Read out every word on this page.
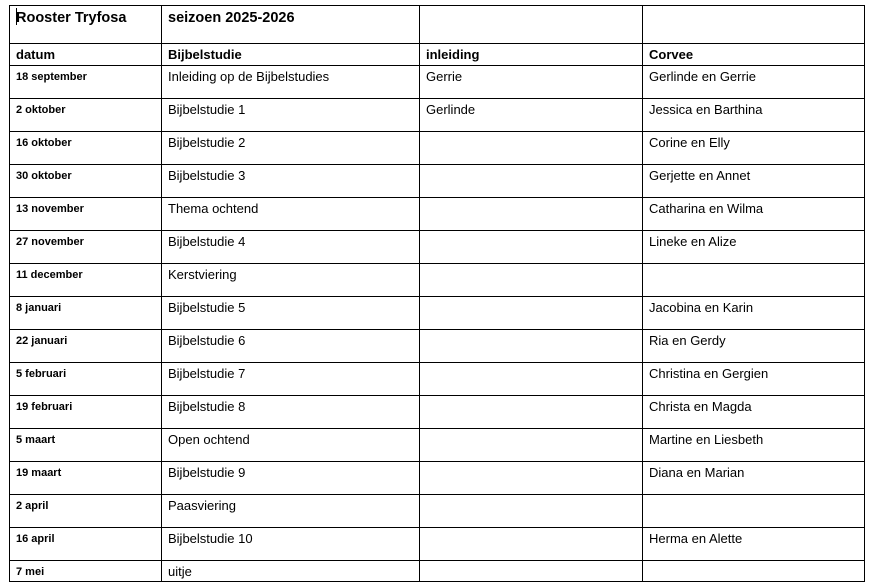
Rooster Tryfosa	seizoen 2025-2026		

datum	Bijbelstudie	inleiding	Corvee

18 september	Inleiding op de Bijbelstudies	Gerrie	Gerlinde en Gerrie

2 oktober	Bijbelstudie 1	Gerlinde	Jessica en Barthina

16 oktober	Bijbelstudie 2		Corine en Elly

30 oktober	Bijbelstudie 3		Gerjette en Annet

13 november	Thema ochtend		Catharina en Wilma

27 november	Bijbelstudie 4		Lineke en Alize

11 december	Kerstviering		

8 januari	Bijbelstudie 5		Jacobina en Karin

22 januari	Bijbelstudie 6		Ria en Gerdy

5 februari	Bijbelstudie 7		Christina en Gergien

19 februari	Bijbelstudie 8		Christa en Magda

5 maart	Open ochtend		Martine en Liesbeth

19 maart	Bijbelstudie 9		Diana en Marian

2 april	Paasviering		

16 april	Bijbelstudie 10		Herma en Alette

7 mei	uitje		
